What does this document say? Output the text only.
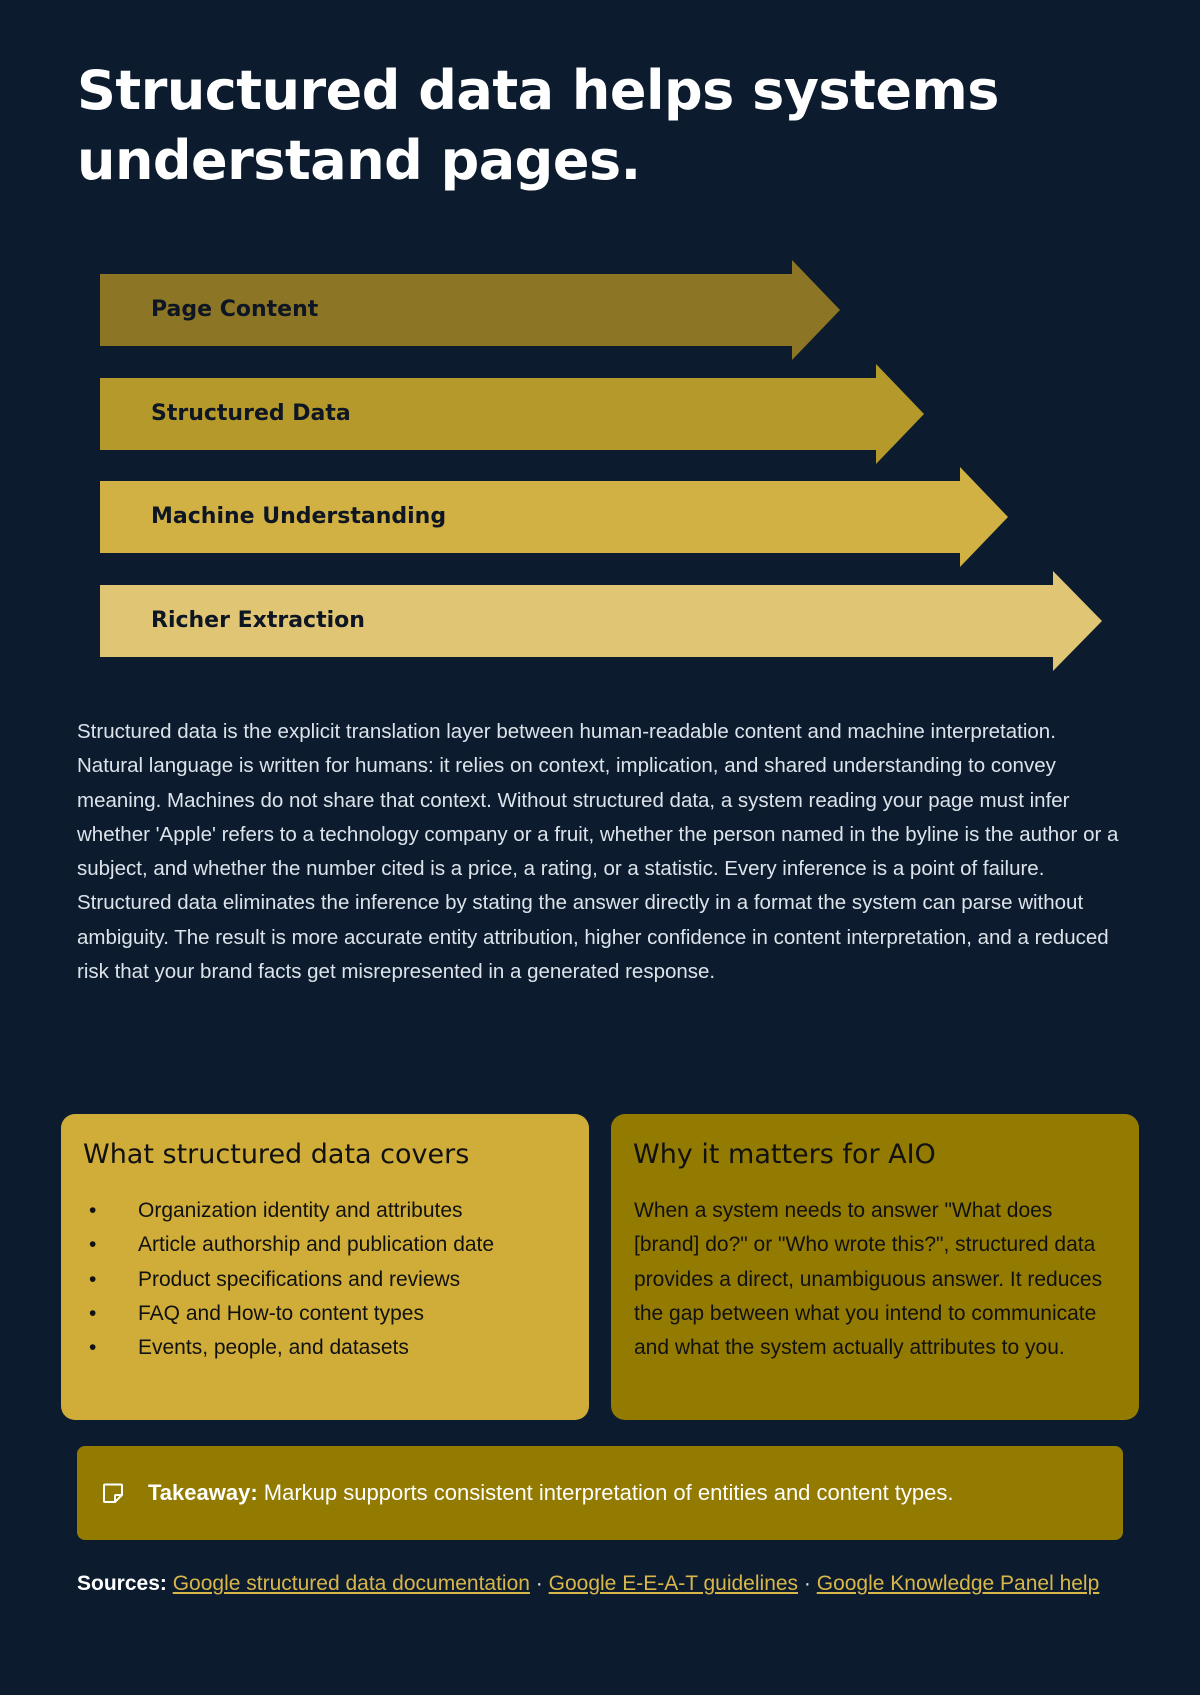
Structured data helps systems understand pages.
Page Content
Structured Data
Machine Understanding
Richer Extraction

Structured data is the explicit translation layer between human-readable content and machine interpretation. Natural language is written for humans: it relies on context, implication, and shared understanding to convey meaning. Machines do not share that context. Without structured data, a system reading your page must infer whether 'Apple' refers to a technology company or a fruit, whether the person named in the byline is the author or a subject, and whether the number cited is a price, a rating, or a statistic. Every inference is a point of failure. Structured data eliminates the inference by stating the answer directly in a format the system can parse without ambiguity. The result is more accurate entity attribution, higher confidence in content interpretation, and a reduced risk that your brand facts get misrepresented in a generated response.

What structured data covers
• Organization identity and attributes
• Article authorship and publication date
• Product specifications and reviews
• FAQ and How-to content types
• Events, people, and datasets
Why it matters for AIO

When a system needs to answer "What does [brand] do?" or "Who wrote this?", structured data provides a direct, unambiguous answer. It reduces the gap between what you intend to communicate and what the system actually attributes to you.

Takeaway: Markup supports consistent interpretation of entities and content types.

Sources: Google structured data documentation · Google E-E-A-T guidelines · Google Knowledge Panel help
